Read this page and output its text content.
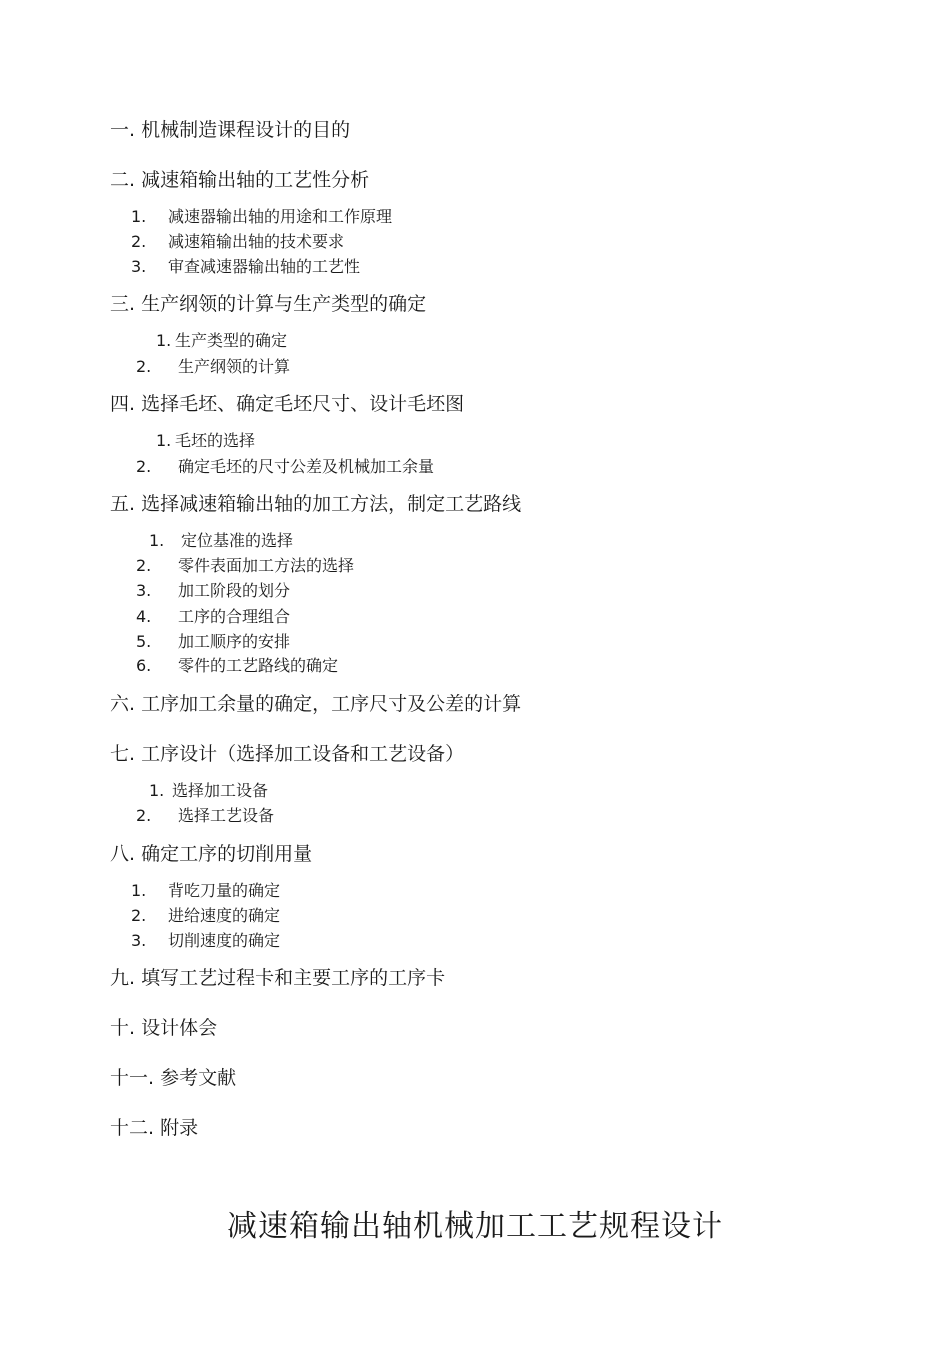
一. 机械制造课程设计的目的
二. 减速箱输出轴的工艺性分析
1. 减速器输出轴的用途和工作原理
2. 减速箱输出轴的技术要求
3. 审查减速器输出轴的工艺性
三. 生产纲领的计算与生产类型的确定
1. 生产类型的确定
2. 生产纲领的计算
四. 选择毛坯、确定毛坯尺寸、设计毛坯图
1. 毛坯的选择
2. 确定毛坯的尺寸公差及机械加工余量
五. 选择减速箱输出轴的加工方法，制定工艺路线
1. 定位基准的选择
2. 零件表面加工方法的选择
3. 加工阶段的划分
4. 工序的合理组合
5. 加工顺序的安排
6. 零件的工艺路线的确定
六. 工序加工余量的确定，工序尺寸及公差的计算
七. 工序设计（选择加工设备和工艺设备）
1. 选择加工设备
2. 选择工艺设备
八. 确定工序的切削用量
1. 背吃刀量的确定
2. 进给速度的确定
3. 切削速度的确定
九. 填写工艺过程卡和主要工序的工序卡
十. 设计体会
十一. 参考文献
十二. 附录
减速箱输出轴机械加工工艺规程设计
